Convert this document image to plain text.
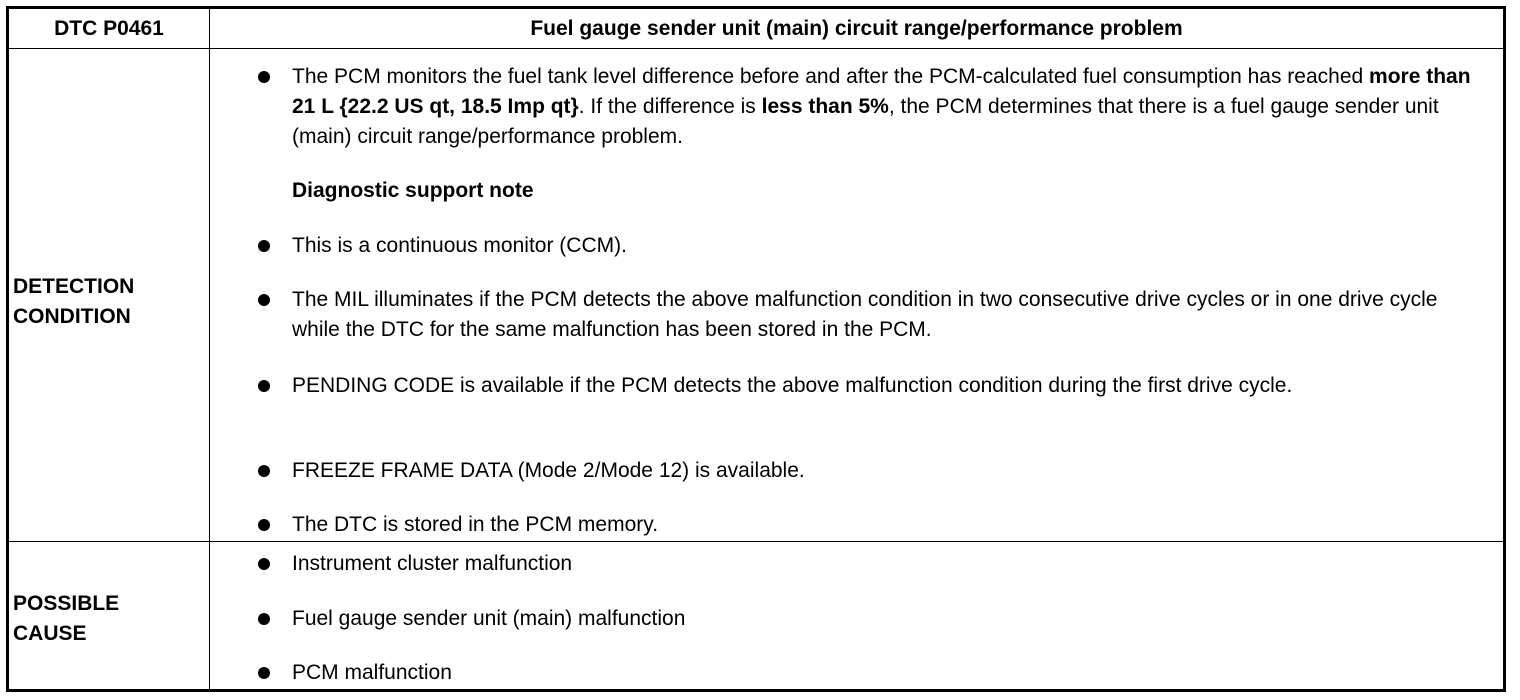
DTC P0461	Fuel gauge sender unit (main) circuit range/performance problem
DETECTION
CONDITION
The PCM monitors the fuel tank level difference before and after the PCM-calculated fuel consumption has reached more than 21 L {22.2 US qt, 18.5 Imp qt}. If the difference is less than 5%, the PCM determines that there is a fuel gauge sender unit (main) circuit range/performance problem.
Diagnostic support note
This is a continuous monitor (CCM).
The MIL illuminates if the PCM detects the above malfunction condition in two consecutive drive cycles or in one drive cycle while the DTC for the same malfunction has been stored in the PCM.
PENDING CODE is available if the PCM detects the above malfunction condition during the first drive cycle.
FREEZE FRAME DATA (Mode 2/Mode 12) is available.
The DTC is stored in the PCM memory.
POSSIBLE
CAUSE
Instrument cluster malfunction
Fuel gauge sender unit (main) malfunction
PCM malfunction
